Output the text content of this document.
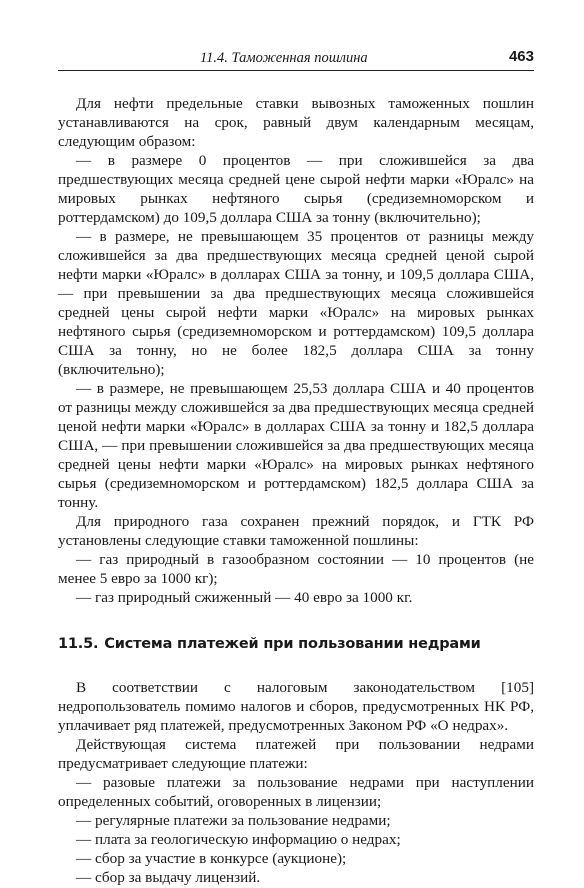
11.4. Таможенная пошлина	463

Для нефти предельные ставки вывозных таможенных пошлин устанавливаются на срок, равный двум календарным месяцам, следующим образом:

— в размере 0 процентов — при сложившейся за два предшествующих месяца средней цене сырой нефти марки «Юралс» на мировых рынках нефтяного сырья (средиземноморском и роттердамском) до 109,5 доллара США за тонну (включительно);

— в размере, не превышающем 35 процентов от разницы между сложившейся за два предшествующих месяца средней ценой сырой нефти марки «Юралс» в долларах США за тонну, и 109,5 доллара США, — при превышении за два предшествующих месяца сложившейся средней цены сырой нефти марки «Юралс» на мировых рынках нефтяного сырья (средиземноморском и роттердамском) 109,5 доллара США за тонну, но не более 182,5 доллара США за тонну (включительно);

— в размере, не превышающем 25,53 доллара США и 40 процентов от разницы между сложившейся за два предшествующих месяца средней ценой нефти марки «Юралс» в долларах США за тонну и 182,5 доллара США, — при превышении сложившейся за два предшествующих месяца средней цены нефти марки «Юралс» на мировых рынках нефтяного сырья (средиземноморском и роттердамском) 182,5 доллара США за тонну.

Для природного газа сохранен прежний порядок, и ГТК РФ установлены следующие ставки таможенной пошлины:

— газ природный в газообразном состоянии — 10 процентов (не менее 5 евро за 1000 кг);

— газ природный сжиженный — 40 евро за 1000 кг.

11.5. Система платежей при пользовании недрами

В соответствии с налоговым законодательством [105] недропользователь помимо налогов и сборов, предусмотренных НК РФ, уплачивает ряд платежей, предусмотренных Законом РФ «О недрах».

Действующая система платежей при пользовании недрами предусматривает следующие платежи:

— разовые платежи за пользование недрами при наступлении определенных событий, оговоренных в лицензии;

— регулярные платежи за пользование недрами;

— плата за геологическую информацию о недрах;

— сбор за участие в конкурсе (аукционе);

— сбор за выдачу лицензий.
